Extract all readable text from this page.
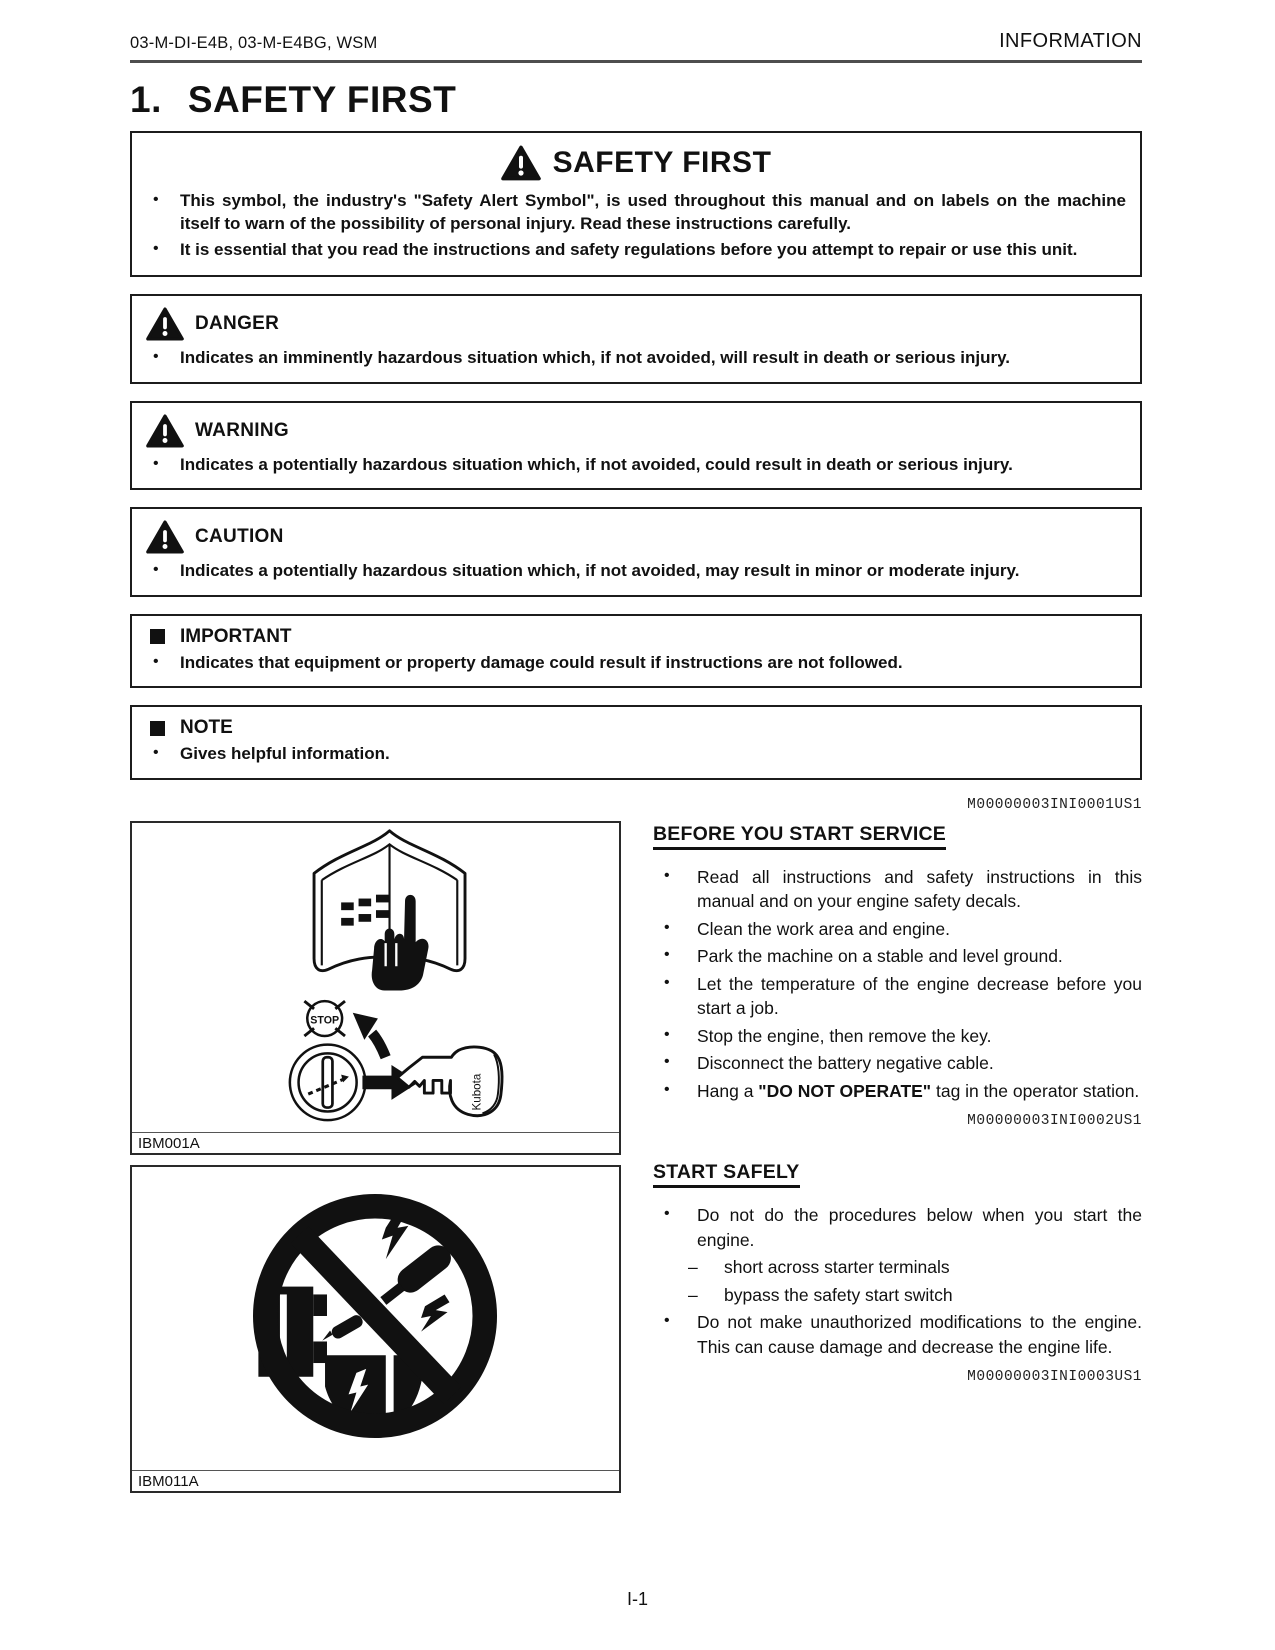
03-M-DI-E4B, 03-M-E4BG, WSM	INFORMATION
1. SAFETY FIRST
SAFETY FIRST
•	This symbol, the industry's "Safety Alert Symbol", is used throughout this manual and on labels on the machine itself to warn of the possibility of personal injury. Read these instructions carefully.
•	It is essential that you read the instructions and safety regulations before you attempt to repair or use this unit.
DANGER
•	Indicates an imminently hazardous situation which, if not avoided, will result in death or serious injury.
WARNING
•	Indicates a potentially hazardous situation which, if not avoided, could result in death or serious injury.
CAUTION
•	Indicates a potentially hazardous situation which, if not avoided, may result in minor or moderate injury.
IMPORTANT
•	Indicates that equipment or property damage could result if instructions are not followed.
NOTE
•	Gives helpful information.
M00000003INI0001US1
STOP
Kubota
IBM001A
IBM011A
BEFORE YOU START SERVICE
•	Read all instructions and safety instructions in this manual and on your engine safety decals.
•	Clean the work area and engine.
•	Park the machine on a stable and level ground.
•	Let the temperature of the engine decrease before you start a job.
•	Stop the engine, then remove the key.
•	Disconnect the battery negative cable.
•	Hang a "DO NOT OPERATE" tag in the operator station.
M00000003INI0002US1
START SAFELY
•	Do not do the procedures below when you start the engine.
–	short across starter terminals
–	bypass the safety start switch
•	Do not make unauthorized modifications to the engine. This can cause damage and decrease the engine life.
M00000003INI0003US1
I-1
